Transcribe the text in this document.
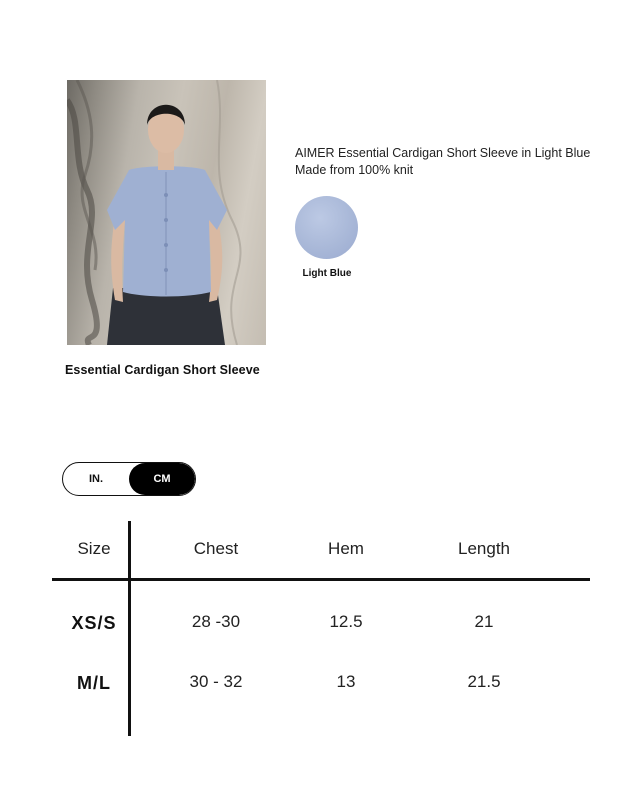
Essential Cardigan Short Sleeve
AIMER Essential Cardigan Short Sleeve in Light Blue
Made from 100% knit
Light Blue
IN.	CM
Size	Chest	Hem	Length
XS/S	28 -30	12.5	21
M/L	30 - 32	13	21.5
